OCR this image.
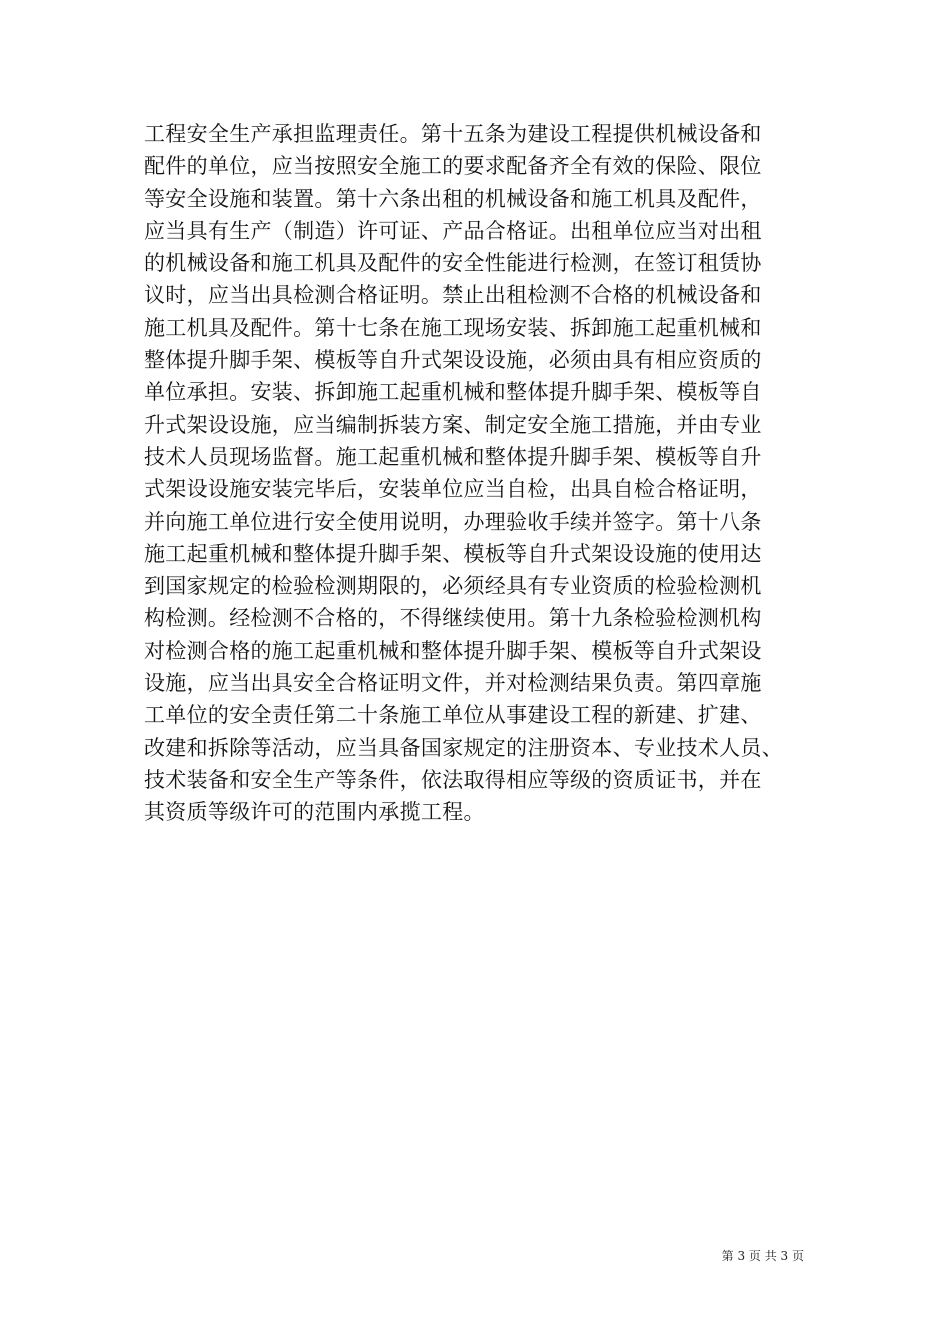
工程安全生产承担监理责任。第十五条为建设工程提供机械设备和
配件的单位，应当按照安全施工的要求配备齐全有效的保险、限位
等安全设施和装置。第十六条出租的机械设备和施工机具及配件，
应当具有生产（制造）许可证、产品合格证。出租单位应当对出租
的机械设备和施工机具及配件的安全性能进行检测，在签订租赁协
议时，应当出具检测合格证明。禁止出租检测不合格的机械设备和
施工机具及配件。第十七条在施工现场安装、拆卸施工起重机械和
整体提升脚手架、模板等自升式架设设施，必须由具有相应资质的
单位承担。安装、拆卸施工起重机械和整体提升脚手架、模板等自
升式架设设施，应当编制拆装方案、制定安全施工措施，并由专业
技术人员现场监督。施工起重机械和整体提升脚手架、模板等自升
式架设设施安装完毕后，安装单位应当自检，出具自检合格证明，
并向施工单位进行安全使用说明，办理验收手续并签字。第十八条
施工起重机械和整体提升脚手架、模板等自升式架设设施的使用达
到国家规定的检验检测期限的，必须经具有专业资质的检验检测机
构检测。经检测不合格的，不得继续使用。第十九条检验检测机构
对检测合格的施工起重机械和整体提升脚手架、模板等自升式架设
设施，应当出具安全合格证明文件，并对检测结果负责。第四章施
工单位的安全责任第二十条施工单位从事建设工程的新建、扩建、
改建和拆除等活动，应当具备国家规定的注册资本、专业技术人员、
技术装备和安全生产等条件，依法取得相应等级的资质证书，并在
其资质等级许可的范围内承揽工程。
第 3 页 共 3 页
